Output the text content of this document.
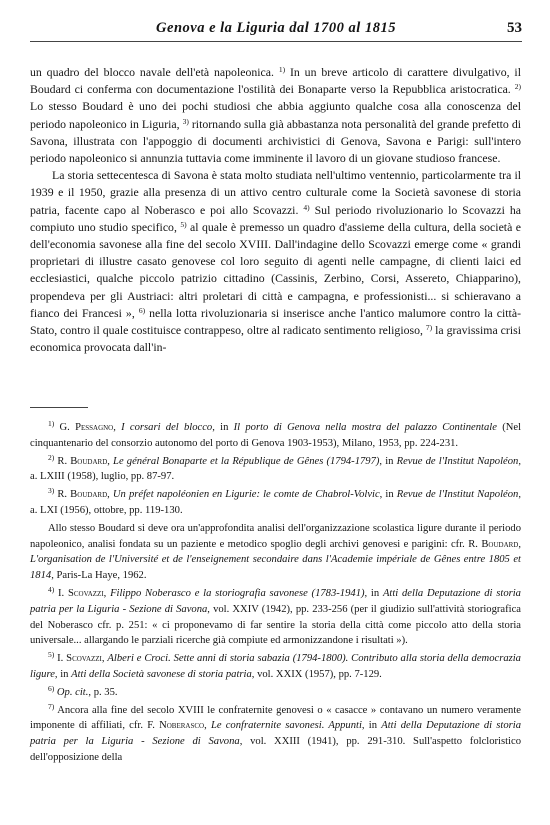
Genova e la Liguria dal 1700 al 1815	53

un quadro del blocco navale dell'età napoleonica. $^{1)}$ In un breve articolo di carattere divulgativo, il Boudard ci conferma con documentazione l'ostilità dei Bonaparte verso la Repubblica aristocratica. $^{2)}$ Lo stesso Boudard è uno dei pochi studiosi che abbia aggiunto qualche cosa alla conoscenza del periodo napoleonico in Liguria, $^{3)}$ ritornando sulla già abbastanza nota personalità del grande prefetto di Savona, illustrata con l'appoggio di documenti archivistici di Genova, Savona e Parigi: sull'intero periodo napoleonico si annunzia tuttavia come imminente il lavoro di un giovane studioso francese.

La storia settecentesca di Savona è stata molto studiata nell'ultimo ventennio, particolarmente tra il 1939 e il 1950, grazie alla presenza di un attivo centro culturale come la Società savonese di storia patria, facente capo al Noberasco e poi allo Scovazzi. $^{4)}$ Sul periodo rivoluzionario lo Scovazzi ha compiuto uno studio specifico, $^{5)}$ al quale è premesso un quadro d'assieme della cultura, della società e dell'economia savonese alla fine del secolo XVIII. Dall'indagine dello Scovazzi emerge come « grandi proprietari di illustre casato genovese col loro seguito di agenti nelle campagne, di clienti laici ed ecclesiastici, qualche piccolo patrizio cittadino (Cassinis, Zerbino, Corsi, Assereto, Chiapparino), propendeva per gli Austriaci: altri proletari di città e campagna, e professionisti... si schieravano a fianco dei Francesi », $^{6)}$ nella lotta rivoluzionaria si inserisce anche l'antico malumore contro la città-Stato, contro il quale costituisce contrappeso, oltre al radicato sentimento religioso, $^{7)}$ la gravissima crisi economica provocata dall'in-

$^{1)}$ G. Pessagno, I corsari del blocco, in Il porto di Genova nella mostra del palazzo Continentale (Nel cinquantenario del consorzio autonomo del porto di Genova 1903-1953), Milano, 1953, pp. 224-231.

$^{2)}$ R. Boudard, Le général Bonaparte et la République de Gênes (1794-1797), in Revue de l'Institut Napoléon, a. LXIII (1958), luglio, pp. 87-97.

$^{3)}$ R. Boudard, Un préfet napoléonien en Ligurie: le comte de Chabrol-Volvic, in Revue de l'Institut Napoléon, a. LXI (1956), ottobre, pp. 119-130.

Allo stesso Boudard si deve ora un'approfondita analisi dell'organizzazione scolastica ligure durante il periodo napoleonico, analisi fondata su un paziente e metodico spoglio degli archivi genovesi e parigini: cfr. R. Boudard, L'organisation de l'Université et de l'enseignement secondaire dans l'Academie impériale de Gênes entre 1805 et 1814, Paris-La Haye, 1962.

$^{4)}$ I. Scovazzi, Filippo Noberasco e la storiografia savonese (1783-1941), in Atti della Deputazione di storia patria per la Liguria - Sezione di Savona, vol. XXIV (1942), pp. 233-256 (per il giudizio sull'attività storiografica del Noberasco cfr. p. 251: « ci proponevamo di far sentire la storia della città come piccolo atto della storia universale... allargando le parziali ricerche già compiute ed armonizzandone i risultati »).

$^{5)}$ I. Scovazzi, Alberi e Croci. Sette anni di storia sabazia (1794-1800). Contributo alla storia della democrazia ligure, in Atti della Società savonese di storia patria, vol. XXIX (1957), pp. 7-129.

$^{6)}$ Op. cit., p. 35.

$^{7)}$ Ancora alla fine del secolo XVIII le confraternite genovesi o « casacce » contavano un numero veramente imponente di affiliati, cfr. F. Noberasco, Le confraternite savonesi. Appunti, in Atti della Deputazione di storia patria per la Liguria - Sezione di Savona, vol. XXIII (1941), pp. 291-310. Sull'aspetto folcloristico dell'opposizione della
